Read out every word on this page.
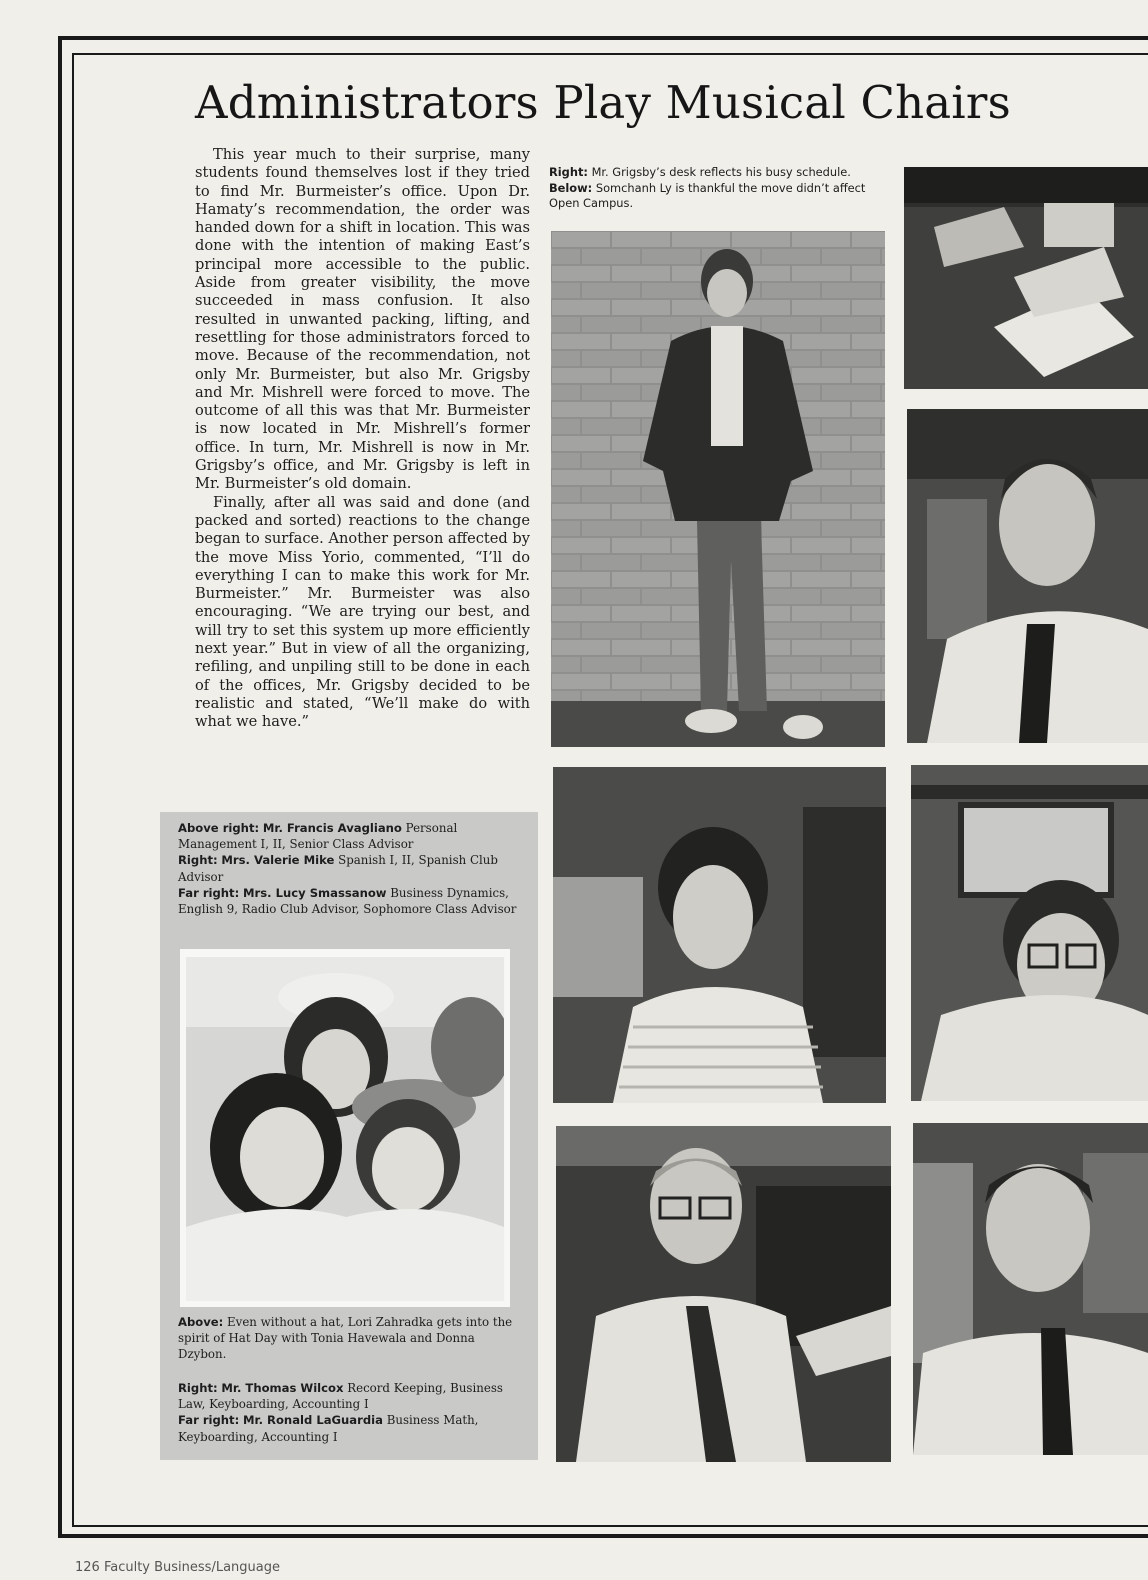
Administrators Play Musical Chairs

This year much to their surprise, many students found themselves lost if they tried to find Mr. Burmeister’s office. Upon Dr. Hamaty’s recommendation, the order was handed down for a shift in location. This was done with the intention of making East’s principal more accessible to the public. Aside from greater visibility, the move succeeded in mass confusion. It also resulted in unwanted packing, lifting, and resettling for those administrators forced to move. Because of the recommendation, not only Mr. Burmeister, but also Mr. Grigsby and Mr. Mishrell were forced to move. The outcome of all this was that Mr. Burmeister is now located in Mr. Mishrell’s former office. In turn, Mr. Mishrell is now in Mr. Grigsby’s office, and Mr. Grigsby is left in Mr. Burmeister’s old domain.

Finally, after all was said and done (and packed and sorted) reactions to the change began to surface. Another person affected by the move Miss Yorio, commented, “I’ll do everything I can to make this work for Mr. Burmeister.” Mr. Burmeister was also encouraging. “We are trying our best, and will try to set this system up more efficiently next year.” But in view of all the organizing, refiling, and unpiling still to be done in each of the offices, Mr. Grigsby decided to be realistic and stated, “We’ll make do with what we have.”

Right: Mr. Grigsby’s desk reflects his busy schedule.
Below: Somchanh Ly is thankful the move didn’t affect Open Campus.
Above right: Mr. Francis Avagliano Personal Management I, II, Senior Class Advisor
Right: Mrs. Valerie Mike Spanish I, II, Spanish Club Advisor
Far right: Mrs. Lucy Smassanow Business Dynamics, English 9, Radio Club Advisor, Sophomore Class Advisor
Above: Even without a hat, Lori Zahradka gets into the spirit of Hat Day with Tonia Havewala and Donna Dzybon.
Right: Mr. Thomas Wilcox Record Keeping, Business Law, Keyboarding, Accounting I
Far right: Mr. Ronald LaGuardia Business Math, Keyboarding, Accounting I
126 Faculty Business/Language
